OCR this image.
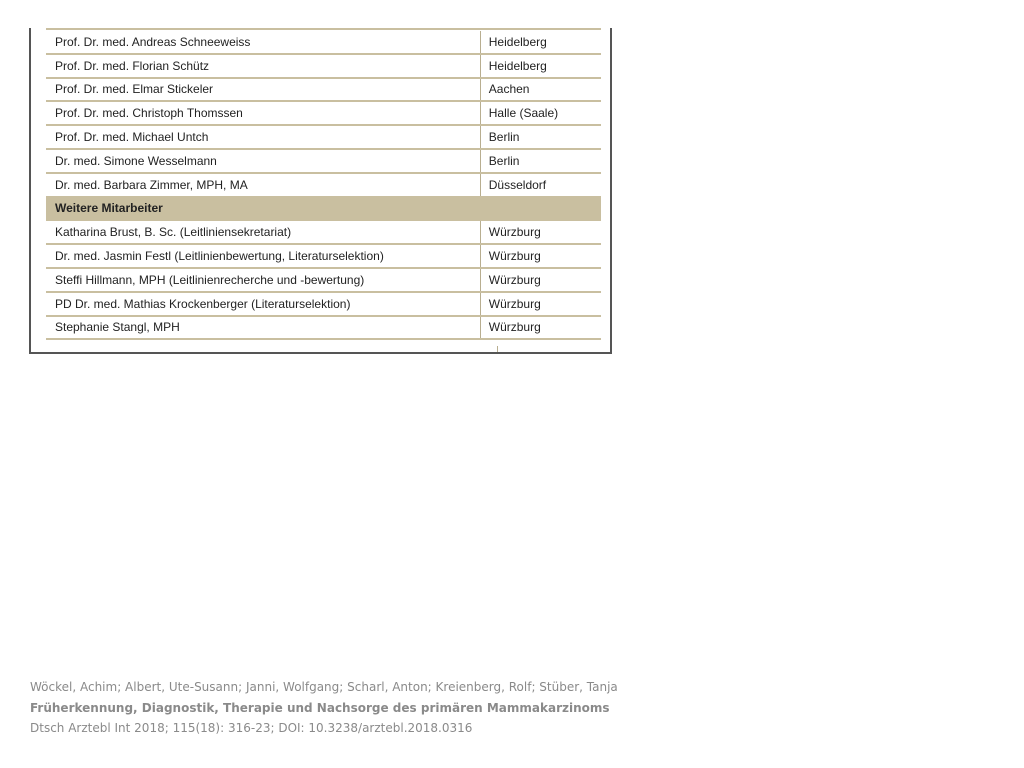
Prof. Dr. med. Andreas Schneeweiss	Heidelberg
Prof. Dr. med. Florian Schütz	Heidelberg
Prof. Dr. med. Elmar Stickeler	Aachen
Prof. Dr. med. Christoph Thomssen	Halle (Saale)
Prof. Dr. med. Michael Untch	Berlin
Dr. med. Simone Wesselmann	Berlin
Dr. med. Barbara Zimmer, MPH, MA	Düsseldorf
Weitere Mitarbeiter	
Katharina Brust, B. Sc. (Leitliniensekretariat)	Würzburg
Dr. med. Jasmin Festl (Leitlinienbewertung, Literaturselektion)	Würzburg
Steffi Hillmann, MPH (Leitlinienrecherche und -bewertung)	Würzburg
PD Dr. med. Mathias Krockenberger (Literaturselektion)	Würzburg
Stephanie Stangl, MPH	Würzburg
Wöckel, Achim; Albert, Ute-Susann; Janni, Wolfgang; Scharl, Anton; Kreienberg, Rolf; Stüber, Tanja
Früherkennung, Diagnostik, Therapie und Nachsorge des primären Mammakarzinoms
Dtsch Arztebl Int 2018; 115(18): 316-23; DOI: 10.3238/arztebl.2018.0316
